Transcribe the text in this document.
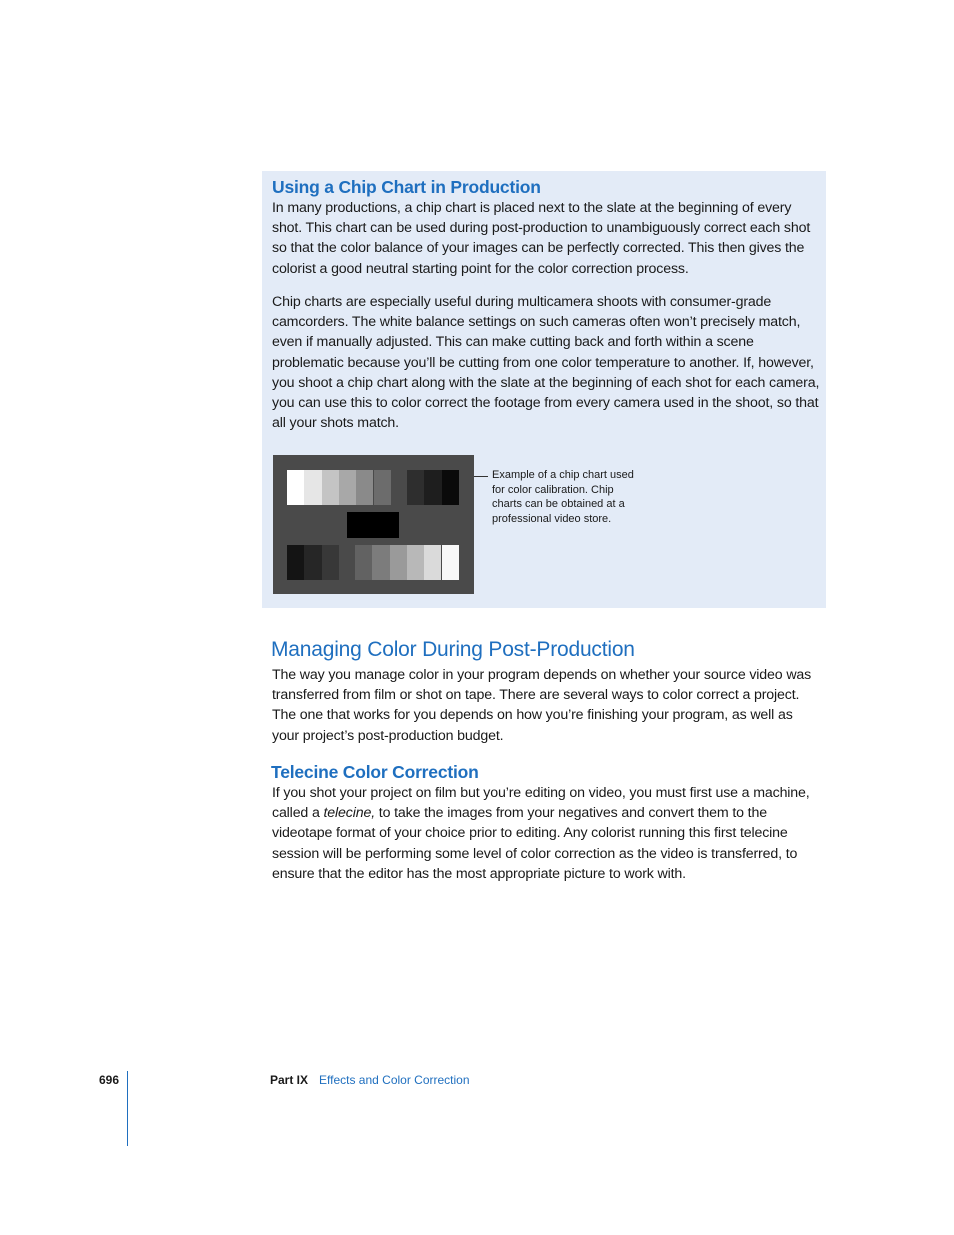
Using a Chip Chart in Production

In many productions, a chip chart is placed next to the slate at the beginning of every shot. This chart can be used during post-production to unambiguously correct each shot so that the color balance of your images can be perfectly corrected. This then gives the colorist a good neutral starting point for the color correction process.

Chip charts are especially useful during multicamera shoots with consumer-grade camcorders. The white balance settings on such cameras often won’t precisely match, even if manually adjusted. This can make cutting back and forth within a scene problematic because you’ll be cutting from one color temperature to another. If, however, you shoot a chip chart along with the slate at the beginning of each shot for each camera, you can use this to color correct the footage from every camera used in the shoot, so that all your shots match.

Example of a chip chart used for color calibration. Chip charts can be obtained at a professional video store.

Managing Color During Post-Production

The way you manage color in your program depends on whether your source video was transferred from film or shot on tape. There are several ways to color correct a project. The one that works for you depends on how you’re finishing your program, as well as your project’s post-production budget.

Telecine Color Correction

If you shot your project on film but you’re editing on video, you must first use a machine, called a telecine, to take the images from your negatives and convert them to the videotape format of your choice prior to editing. Any colorist running this first telecine session will be performing some level of color correction as the video is transferred, to ensure that the editor has the most appropriate picture to work with.

696	Part IX Effects and Color Correction
